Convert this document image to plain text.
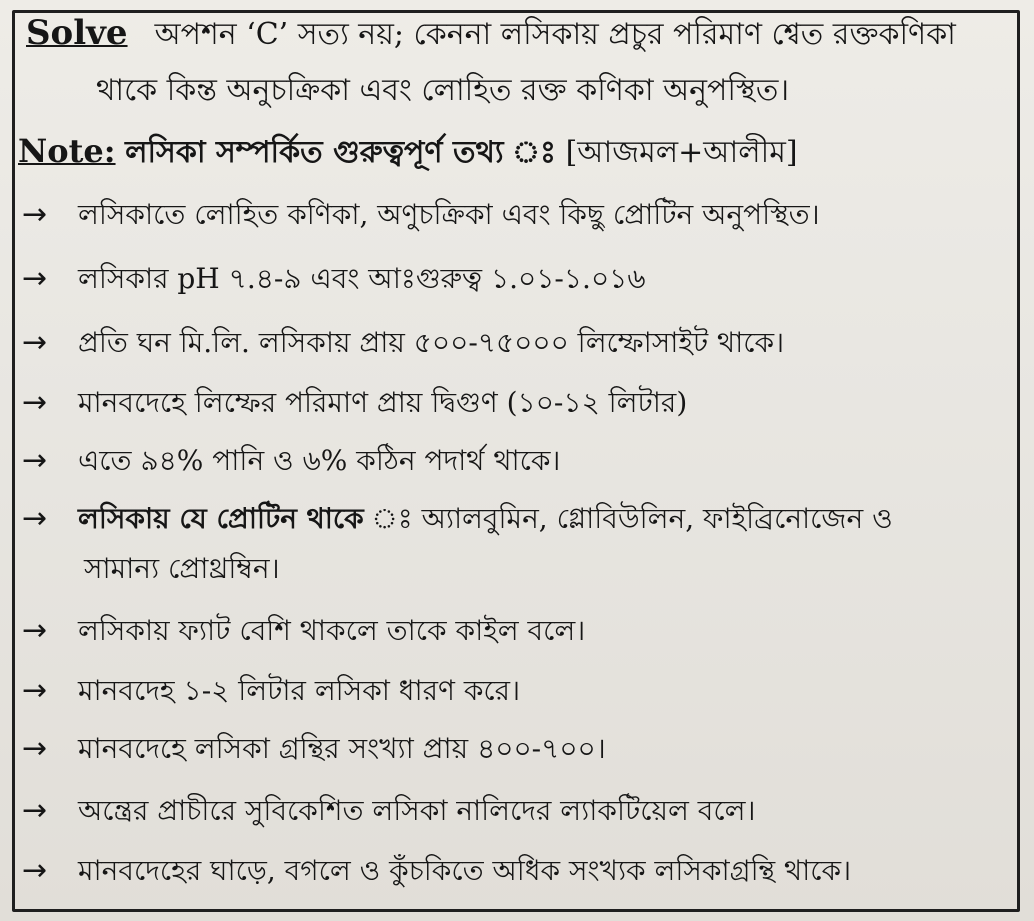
Solve অপশন ‘C’ সত্য নয়; কেননা লসিকায় প্রচুর পরিমাণ শ্বেত রক্তকণিকা
থাকে কিন্ত অনুচক্রিকা এবং লোহিত রক্ত কণিকা অনুপস্থিত।
Note: লসিকা সম্পর্কিত গুরুত্বপূর্ণ তথ্য ঃ [আজমল+আলীম]
→ লসিকাতে লোহিত কণিকা, অণুচক্রিকা এবং কিছু প্রোটিন অনুপস্থিত।
→ লসিকার pH ৭.৪-৯ এবং আঃগুরুত্ব ১.০১-১.০১৬
→ প্রতি ঘন মি.লি. লসিকায় প্রায় ৫০০-৭৫০০০ লিম্ফোসাইট থাকে।
→ মানবদেহে লিম্ফের পরিমাণ প্রায় দ্বিগুণ (১০-১২ লিটার)
→ এতে ৯৪% পানি ও ৬% কঠিন পদার্থ থাকে।
→ লসিকায় যে প্রোটিন থাকে ঃ অ্যালবুমিন, গ্লোবিউলিন, ফাইব্রিনোজেন ও
সামান্য প্রোথ্রম্বিন।
→ লসিকায় ফ্যাট বেশি থাকলে তাকে কাইল বলে।
→ মানবদেহ ১-২ লিটার লসিকা ধারণ করে।
→ মানবদেহে লসিকা গ্রন্থির সংখ্যা প্রায় ৪০০-৭০০।
→ অন্ত্রের প্রাচীরে সুবিকেশিত লসিকা নালিদের ল্যাকটিয়েল বলে।
→ মানবদেহের ঘাড়ে, বগলে ও কুঁচকিতে অধিক সংখ্যক লসিকাগ্রন্থি থাকে।
